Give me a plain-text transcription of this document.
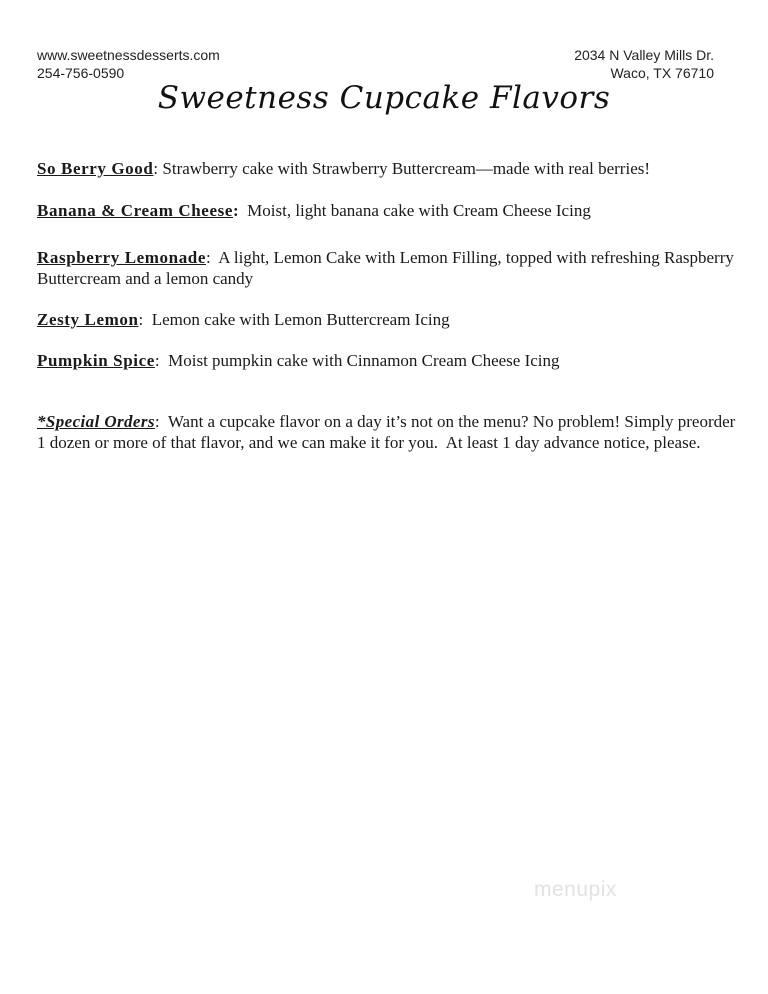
www.sweetnessdesserts.com
254-756-0590
2034 N Valley Mills Dr.
Waco, TX 76710
Sweetness Cupcake Flavors

So Berry Good: Strawberry cake with Strawberry Buttercream—made with real berries!

Banana & Cream Cheese:  Moist, light banana cake with Cream Cheese Icing

Raspberry Lemonade:  A light, Lemon Cake with Lemon Filling, topped with refreshing Raspberry Buttercream and a lemon candy

Zesty Lemon:  Lemon cake with Lemon Buttercream Icing

Pumpkin Spice:  Moist pumpkin cake with Cinnamon Cream Cheese Icing

*Special Orders:  Want a cupcake flavor on a day it’s not on the menu? No problem! Simply preorder 1 dozen or more of that flavor, and we can make it for you.  At least 1 day advance notice, please.

menupix
